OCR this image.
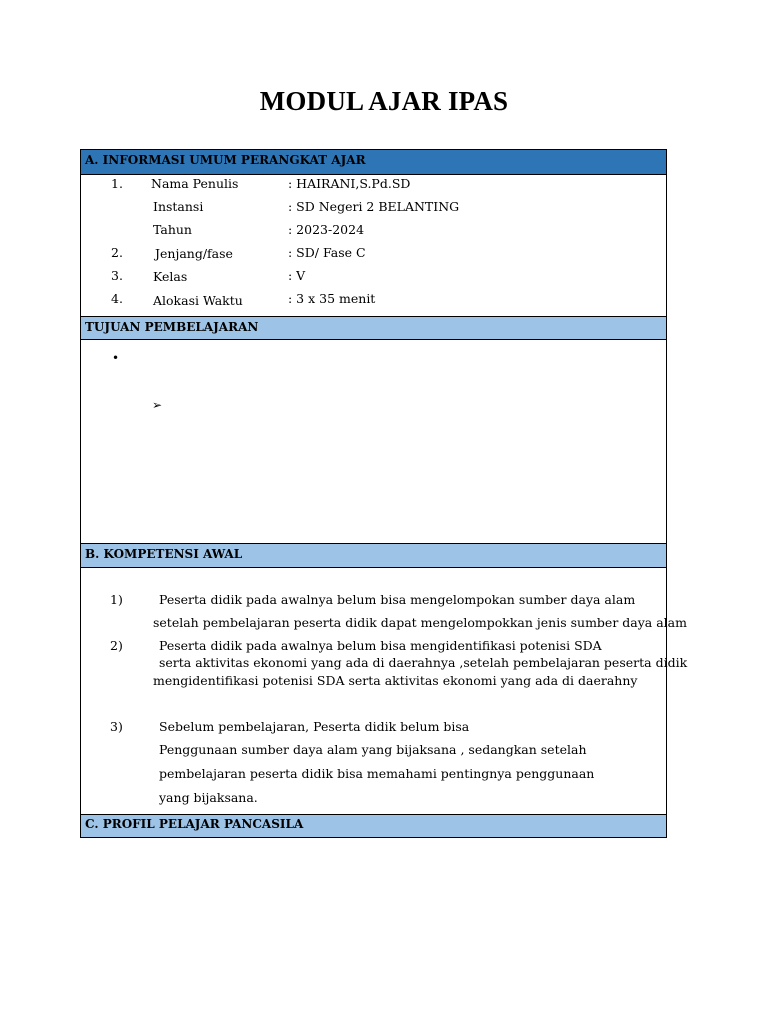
MODUL AJAR IPAS
A. INFORMASI UMUM PERANGKAT AJAR
1. Nama Penulis	: HAIRANI,S.Pd.SD
Instansi	: SD Negeri 2 BELANTING
Tahun	: 2023-2024
2.	Jenjang/fase	: SD/ Fase C
3. Kelas	: V
4. Alokasi Waktu	: 3 x 35 menit
TUJUAN PEMBELAJARAN
•
➢
B. KOMPETENSI AWAL
1)	Peserta didik pada awalnya belum bisa mengelompokan sumber daya alam
setelah pembelajaran peserta didik dapat mengelompokkan jenis sumber daya alam
2)	Peserta didik pada awalnya belum bisa mengidentifikasi potenisi SDA
serta aktivitas ekonomi yang ada di daerahnya ,setelah pembelajaran peserta didik
mengidentifikasi potenisi SDA serta aktivitas ekonomi yang ada di daerahny
3)	Sebelum pembelajaran, Peserta didik belum bisa
Penggunaan sumber daya alam yang bijaksana , sedangkan setelah
pembelajaran peserta didik bisa memahami pentingnya penggunaan
yang bijaksana.
C. PROFIL PELAJAR PANCASILA
